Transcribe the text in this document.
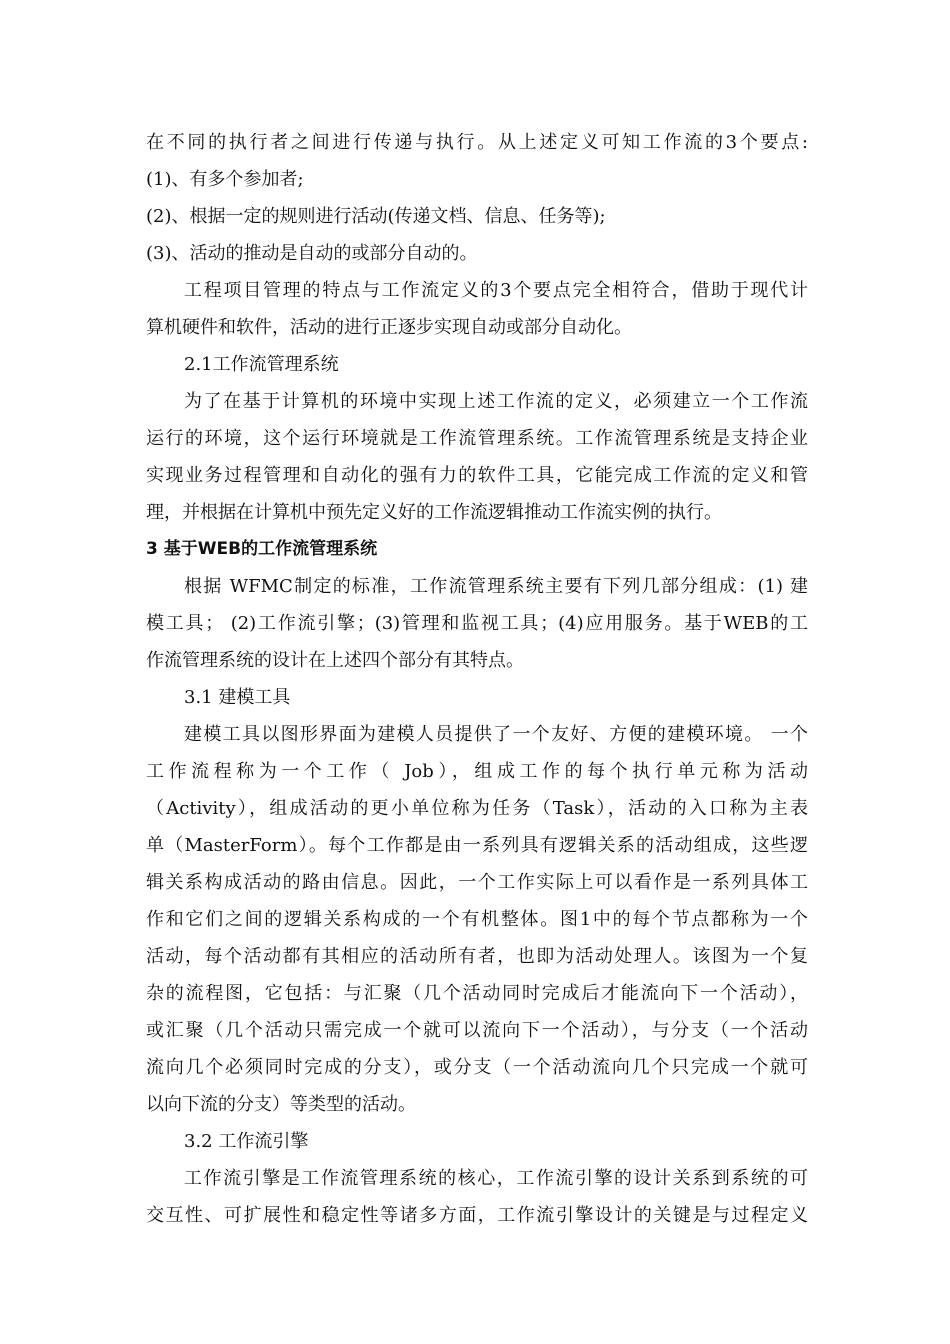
在不同的执行者之间进行传递与执行。从上述定义可知工作流的3个要点:
(1)、有多个参加者;
(2)、根据一定的规则进行活动(传递文档、信息、任务等);
(3)、活动的推动是自动的或部分自动的。
工程项目管理的特点与工作流定义的3个要点完全相符合，借助于现代计
算机硬件和软件，活动的进行正逐步实现自动或部分自动化。
2.1工作流管理系统
为了在基于计算机的环境中实现上述工作流的定义，必须建立一个工作流
运行的环境，这个运行环境就是工作流管理系统。工作流管理系统是支持企业
实现业务过程管理和自动化的强有力的软件工具，它能完成工作流的定义和管
理，并根据在计算机中预先定义好的工作流逻辑推动工作流实例的执行。
3 基于WEB的工作流管理系统
根据 WFMC制定的标准，工作流管理系统主要有下列几部分组成：(1) 建
模工具； (2)工作流引擎；(3)管理和监视工具；(4)应用服务。基于WEB的工
作流管理系统的设计在上述四个部分有其特点。
3.1 建模工具
建模工具以图形界面为建模人员提供了一个友好、方便的建模环境。 一个
工作流程称为一个工作（ Job），组成工作的每个执行单元称为活动
（Activity），组成活动的更小单位称为任务（Task），活动的入口称为主表
单（MasterForm）。每个工作都是由一系列具有逻辑关系的活动组成，这些逻
辑关系构成活动的路由信息。因此，一个工作实际上可以看作是一系列具体工
作和它们之间的逻辑关系构成的一个有机整体。图1中的每个节点都称为一个
活动，每个活动都有其相应的活动所有者，也即为活动处理人。该图为一个复
杂的流程图，它包括：与汇聚（几个活动同时完成后才能流向下一个活动），
或汇聚（几个活动只需完成一个就可以流向下一个活动），与分支（一个活动
流向几个必须同时完成的分支），或分支（一个活动流向几个只完成一个就可
以向下流的分支）等类型的活动。
3.2 工作流引擎
工作流引擎是工作流管理系统的核心，工作流引擎的设计关系到系统的可
交互性、可扩展性和稳定性等诸多方面，工作流引擎设计的关键是与过程定义
